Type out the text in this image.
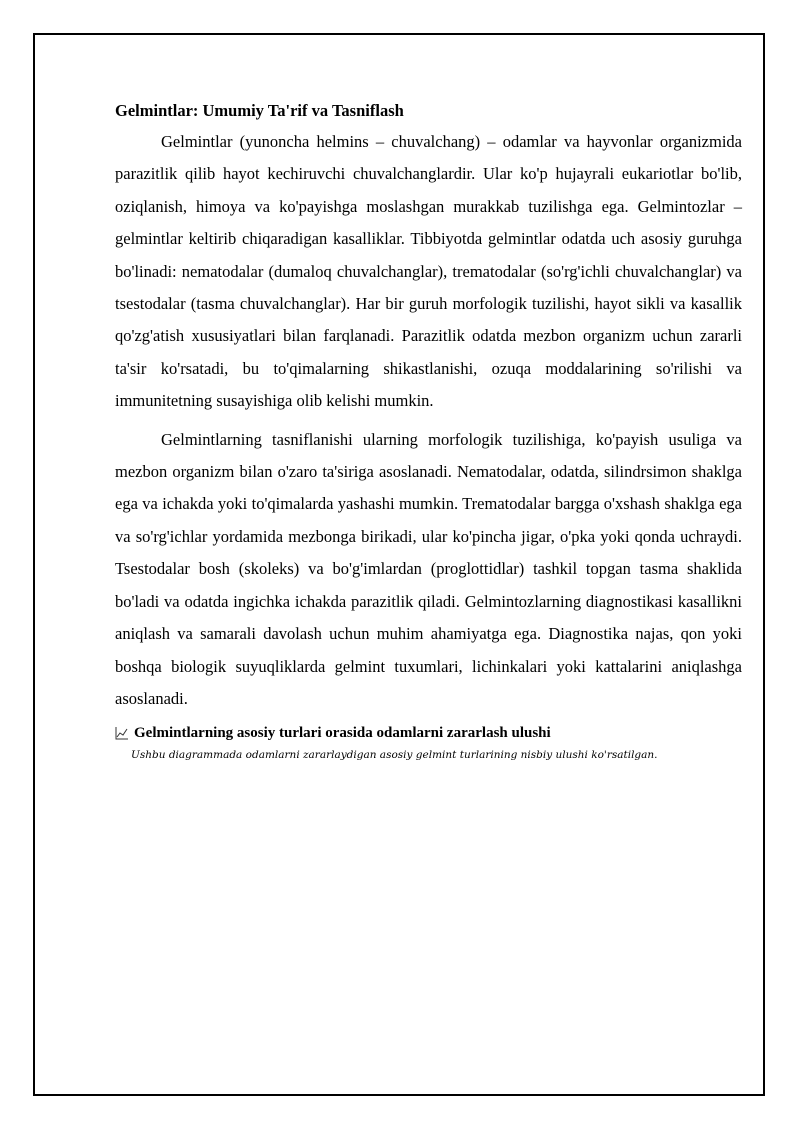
Gelmintlar: Umumiy Ta'rif va Tasniflash

Gelmintlar (yunoncha helmins – chuvalchang) – odamlar va hayvonlar organizmida parazitlik qilib hayot kechiruvchi chuvalchanglardir. Ular ko'p hujayrali eukariotlar bo'lib, oziqlanish, himoya va ko'payishga moslashgan murakkab tuzilishga ega. Gelmintozlar – gelmintlar keltirib chiqaradigan kasalliklar. Tibbiyotda gelmintlar odatda uch asosiy guruhga bo'linadi: nematodalar (dumaloq chuvalchanglar), trematodalar (so'rg'ichli chuvalchanglar) va tsestodalar (tasma chuvalchanglar). Har bir guruh morfologik tuzilishi, hayot sikli va kasallik qo'zg'atish xususiyatlari bilan farqlanadi. Parazitlik odatda mezbon organizm uchun zararli ta'sir ko'rsatadi, bu to'qimalarning shikastlanishi, ozuqa moddalarining so'rilishi va immunitetning susayishiga olib kelishi mumkin.

Gelmintlarning tasniflanishi ularning morfologik tuzilishiga, ko'payish usuliga va mezbon organizm bilan o'zaro ta'siriga asoslanadi. Nematodalar, odatda, silindrsimon shaklga ega va ichakda yoki to'qimalarda yashashi mumkin. Trematodalar bargga o'xshash shaklga ega va so'rg'ichlar yordamida mezbonga birikadi, ular ko'pincha jigar, o'pka yoki qonda uchraydi. Tsestodalar bosh (skoleks) va bo'g'imlardan (proglottidlar) tashkil topgan tasma shaklida bo'ladi va odatda ingichka ichakda parazitlik qiladi. Gelmintozlarning diagnostikasi kasallikni aniqlash va samarali davolash uchun muhim ahamiyatga ega. Diagnostika najas, qon yoki boshqa biologik suyuqliklarda gelmint tuxumlari, lichinkalari yoki kattalarini aniqlashga asoslanadi.

Gelmintlarning asosiy turlari orasida odamlarni zararlash ulushi
Ushbu diagrammada odamlarni zararlaydigan asosiy gelmint turlarining nisbiy ulushi ko'rsatilgan.
